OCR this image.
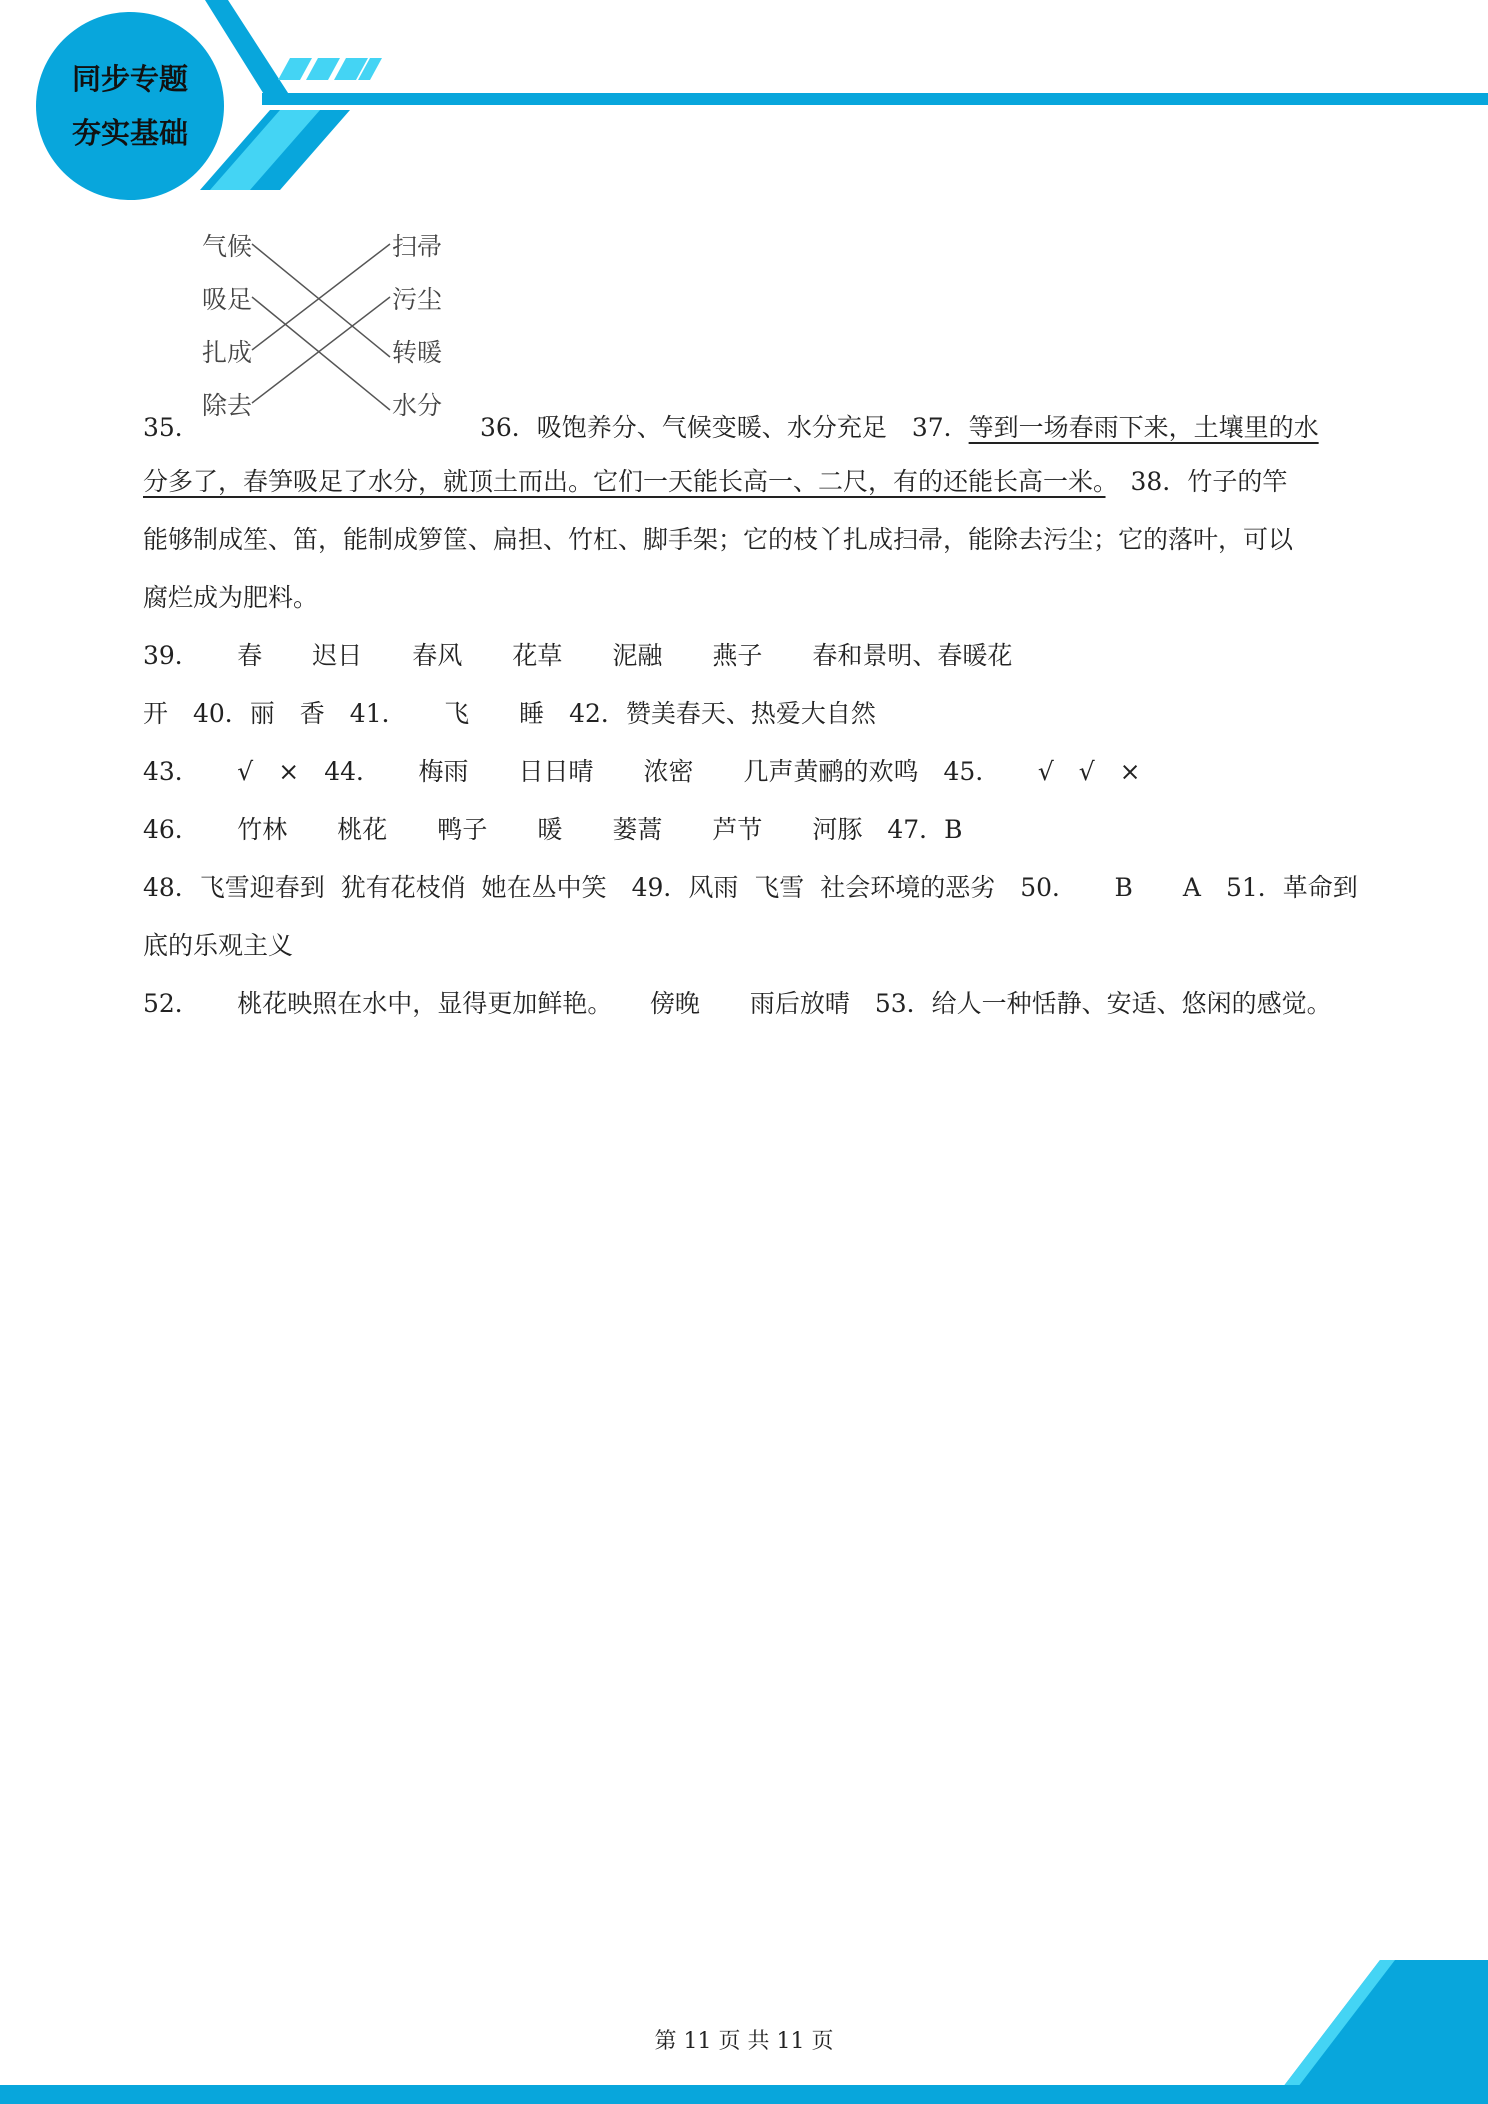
同步专题
夯实基础
气候
吸足
扎成
除去
扫帚
污尘
转暖
水分
35．	36．吸饱养分、气候变暖、水分充足　37．等到一场春雨下来，土壤里的水
分多了，春笋吸足了水分，就顶土而出。它们一天能长高一、二尺，有的还能长高一米。　38．竹子的竿
能够制成笙、笛，能制成箩筐、扁担、竹杠、脚手架；它的枝丫扎成扫帚，能除去污尘；它的落叶，可以
腐烂成为肥料。
39．　　春　　迟日　　春风　　花草　　泥融　　燕子　　春和景明、春暖花
开　40．丽　香　41．　　飞　　睡　42．赞美春天、热爱大自然
43．　　√　×　44．　　梅雨　　日日晴　　浓密　　几声黄鹂的欢鸣　45．　　√　√　×
46．　　竹林　　桃花　　鸭子　　暖　　蒌蒿　　芦节　　河豚　47．B
48．飞雪迎春到  犹有花枝俏  她在丛中笑　49．风雨  飞雪  社会环境的恶劣　50．　　B　　A　51．革命到
底的乐观主义
52．　　桃花映照在水中，显得更加鲜艳。　　傍晚　　雨后放晴　53．给人一种恬静、安适、悠闲的感觉。
第 11 页 共 11 页
